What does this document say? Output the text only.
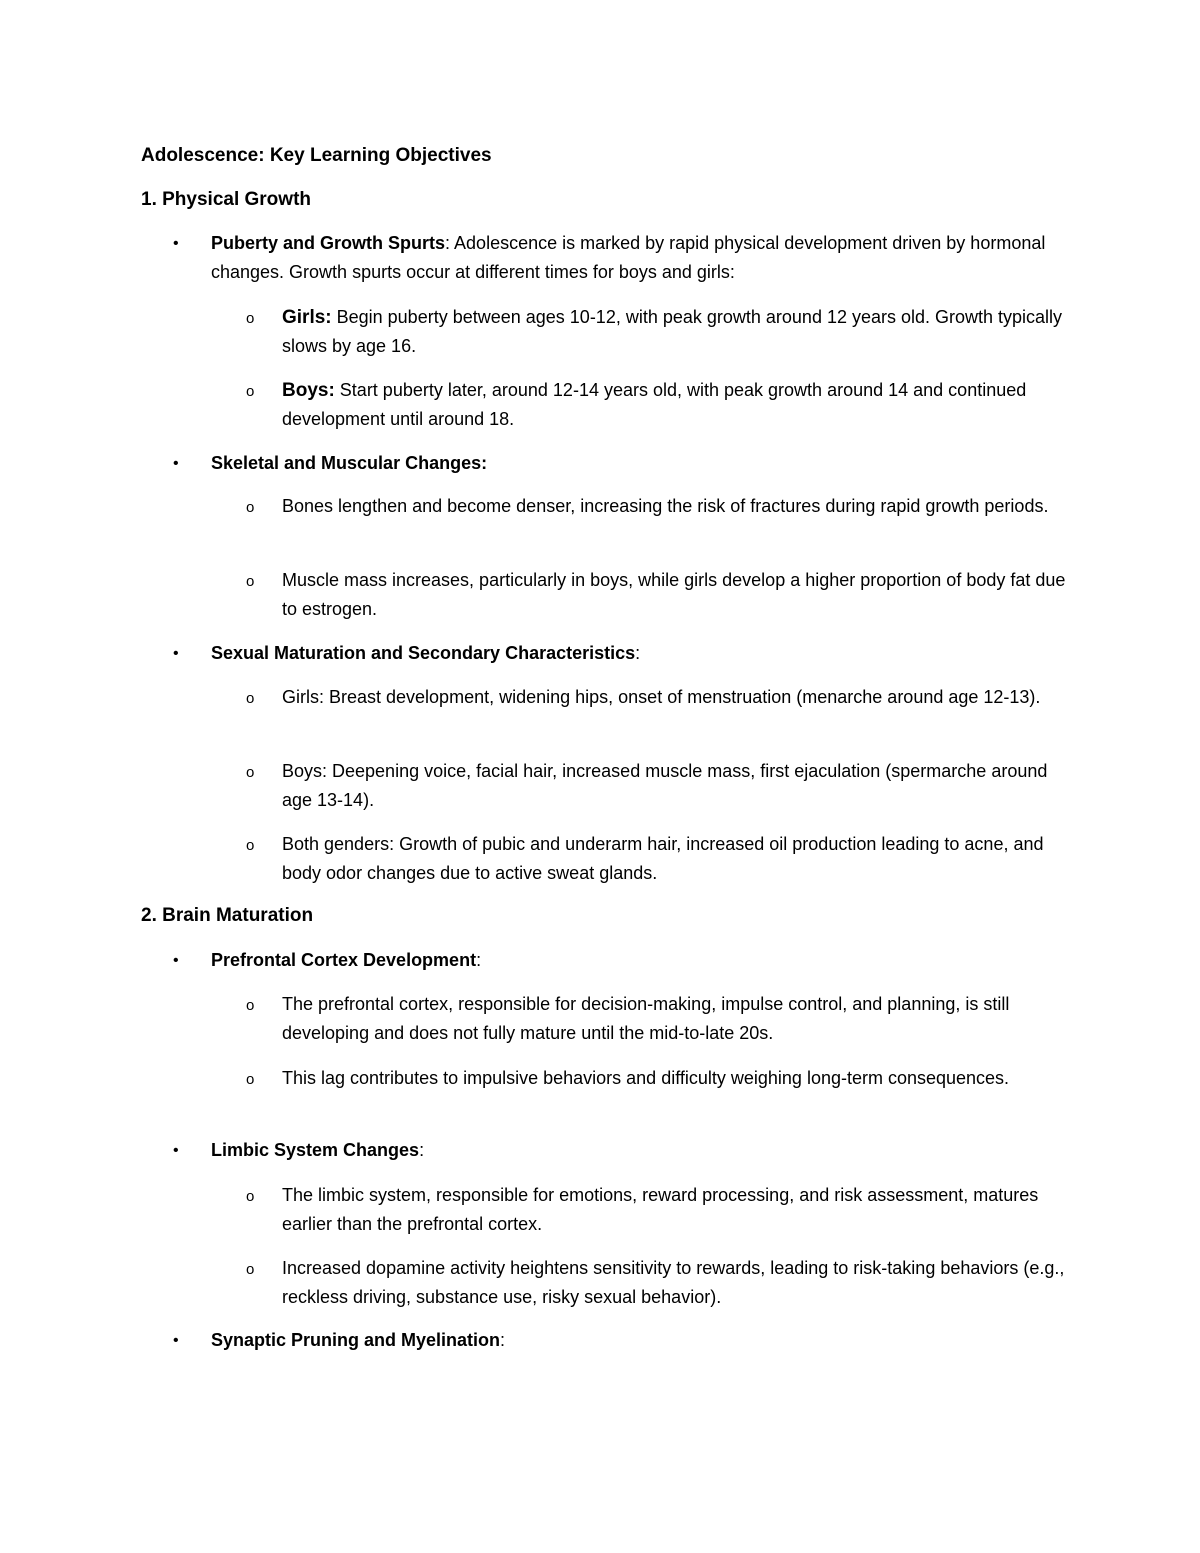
Adolescence: Key Learning Objectives
1. Physical Growth
• Puberty and Growth Spurts: Adolescence is marked by rapid physical development driven by hormonal changes. Growth spurts occur at different times for boys and girls:
o Girls: Begin puberty between ages 10-12, with peak growth around 12 years old. Growth typically slows by age 16.
o Boys: Start puberty later, around 12-14 years old, with peak growth around 14 and continued development until around 18.
• Skeletal and Muscular Changes:
o Bones lengthen and become denser, increasing the risk of fractures during rapid growth periods.
o Muscle mass increases, particularly in boys, while girls develop a higher proportion of body fat due to estrogen.
• Sexual Maturation and Secondary Characteristics:
o Girls: Breast development, widening hips, onset of menstruation (menarche around age 12-13).
o Boys: Deepening voice, facial hair, increased muscle mass, first ejaculation (spermarche around age 13-14).
o Both genders: Growth of pubic and underarm hair, increased oil production leading to acne, and body odor changes due to active sweat glands.
2. Brain Maturation
• Prefrontal Cortex Development:
o The prefrontal cortex, responsible for decision-making, impulse control, and planning, is still developing and does not fully mature until the mid-to-late 20s.
o This lag contributes to impulsive behaviors and difficulty weighing long-term consequences.
• Limbic System Changes:
o The limbic system, responsible for emotions, reward processing, and risk assessment, matures earlier than the prefrontal cortex.
o Increased dopamine activity heightens sensitivity to rewards, leading to risk-taking behaviors (e.g., reckless driving, substance use, risky sexual behavior).
• Synaptic Pruning and Myelination:
